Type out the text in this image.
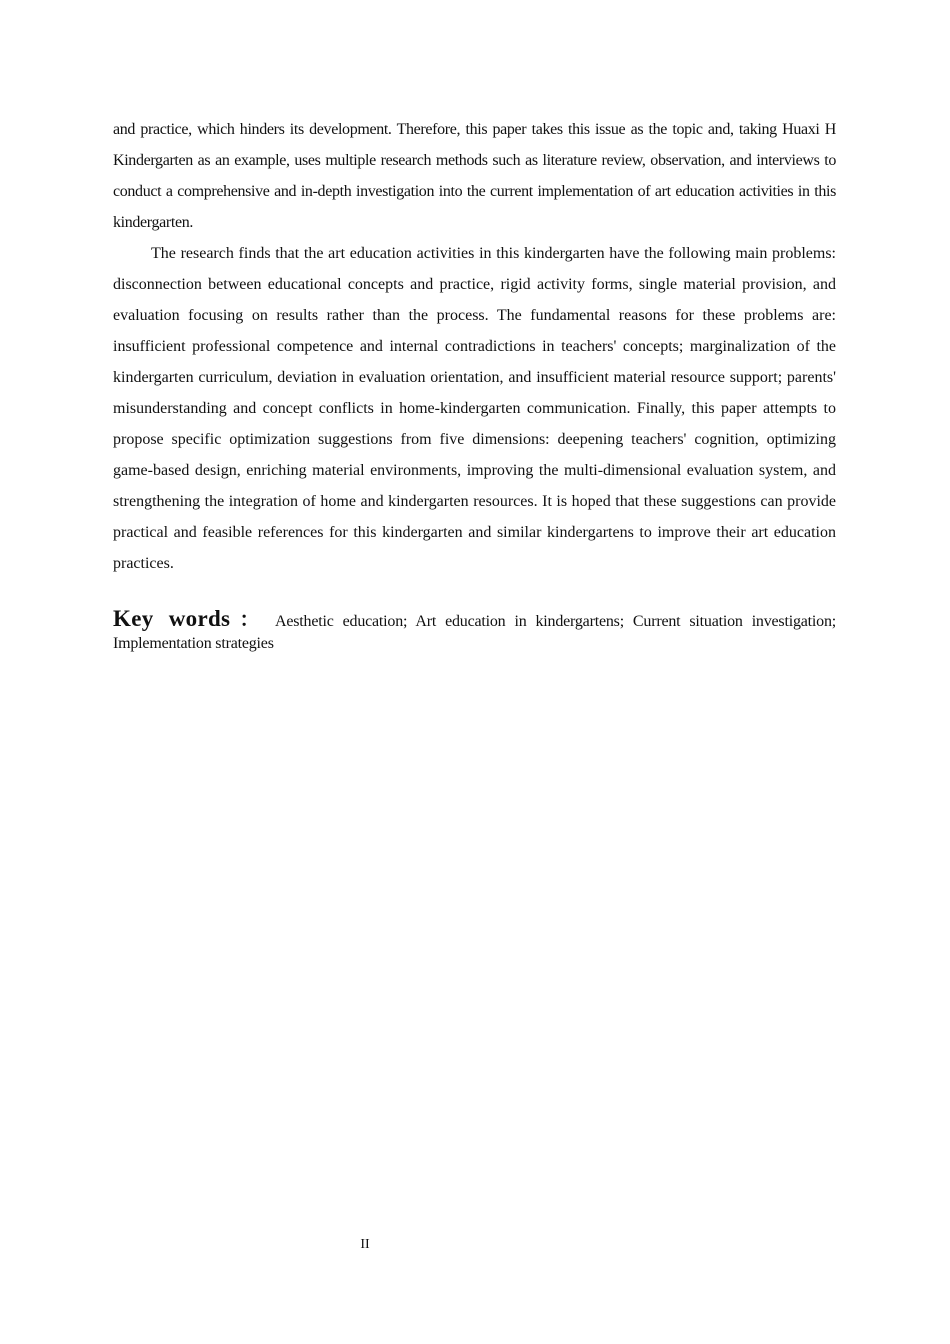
and practice, which hinders its development. Therefore, this paper takes this issue as the topic and, taking Huaxi H Kindergarten as an example, uses multiple research methods such as literature review, observation, and interviews to conduct a comprehensive and in-depth investigation into the current implementation of art education activities in this kindergarten.

The research finds that the art education activities in this kindergarten have the following main problems: disconnection between educational concepts and practice, rigid activity forms, single material provision, and evaluation focusing on results rather than the process. The fundamental reasons for these problems are: insufficient professional competence and internal contradictions in teachers' concepts; marginalization of the kindergarten curriculum, deviation in evaluation orientation, and insufficient material resource support; parents' misunderstanding and concept conflicts in home-kindergarten communication. Finally, this paper attempts to propose specific optimization suggestions from five dimensions: deepening teachers' cognition, optimizing game-based design, enriching material environments, improving the multi-dimensional evaluation system, and strengthening the integration of home and kindergarten resources. It is hoped that these suggestions can provide practical and feasible references for this kindergarten and similar kindergartens to improve their art education practices.

Key words ： Aesthetic education; Art education in kindergartens; Current situation investigation; Implementation strategies
II
